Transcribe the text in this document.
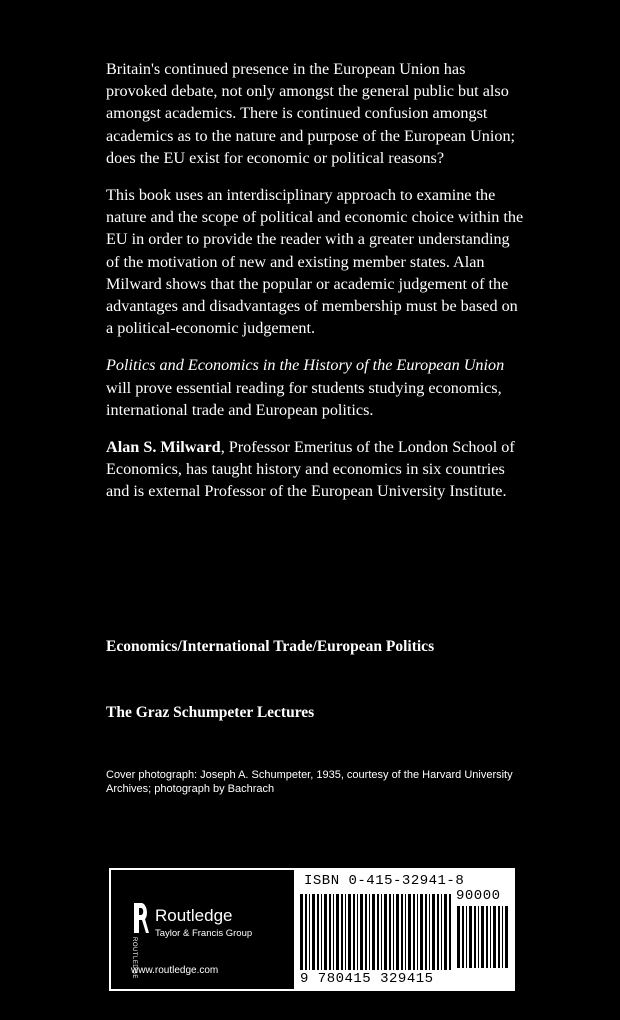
Britain's continued presence in the European Union has provoked debate, not only amongst the general public but also amongst academics. There is continued confusion amongst academics as to the nature and purpose of the European Union; does the EU exist for economic or political reasons?

This book uses an interdisciplinary approach to examine the nature and the scope of political and economic choice within the EU in order to provide the reader with a greater understanding of the motivation of new and existing member states. Alan Milward shows that the popular or academic judgement of the advantages and disadvantages of membership must be based on a political-economic judgement.

Politics and Economics in the History of the European Union will prove essential reading for students studying economics, international trade and European politics.

Alan S. Milward, Professor Emeritus of the London School of Economics, has taught history and economics in six countries and is external Professor of the European University Institute.

Economics/International Trade/European Politics
The Graz Schumpeter Lectures
Cover photograph: Joseph A. Schumpeter, 1935, courtesy of the Harvard University Archives; photograph by Bachrach
ROUTLEDGE
Routledge
Taylor & Francis Group
www.routledge.com
ISBN 0-415-32941-8
90000
9 780415 329415
